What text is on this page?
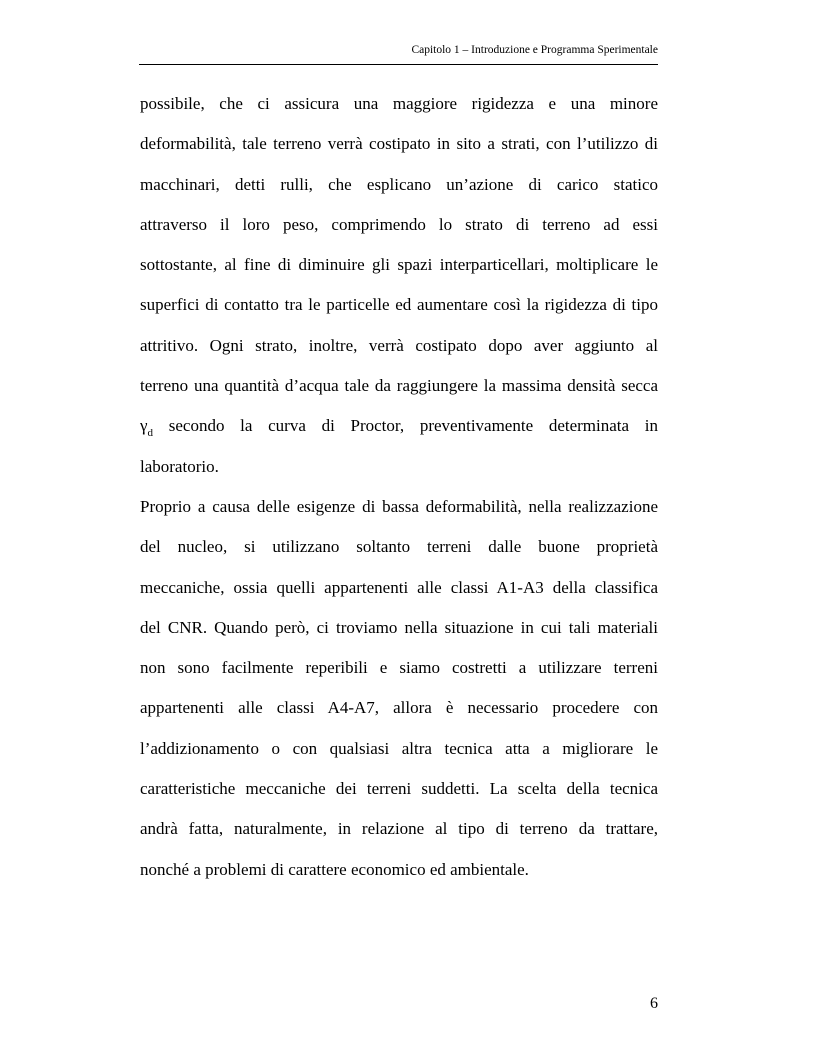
Capitolo 1 – Introduzione e Programma Sperimentale
possibile, che ci assicura una maggiore rigidezza e una minore
deformabilità, tale terreno verrà costipato in sito a strati, con l’utilizzo di
macchinari, detti rulli, che esplicano un’azione di carico statico
attraverso il loro peso, comprimendo lo strato di terreno ad essi
sottostante, al fine di diminuire gli spazi interparticellari, moltiplicare le
superfici di contatto tra le particelle ed aumentare così la rigidezza di tipo
attritivo. Ogni strato, inoltre, verrà costipato dopo aver aggiunto al
terreno una quantità d’acqua tale da raggiungere la massima densità secca
$\gamma_d$ secondo la curva di Proctor, preventivamente determinata in
laboratorio.
Proprio a causa delle esigenze di bassa deformabilità, nella realizzazione
del nucleo, si utilizzano soltanto terreni dalle buone proprietà
meccaniche, ossia quelli appartenenti alle classi A1-A3 della classifica
del CNR. Quando però, ci troviamo nella situazione in cui tali materiali
non sono facilmente reperibili e siamo costretti a utilizzare terreni
appartenenti alle classi A4-A7, allora è necessario procedere con
l’addizionamento o con qualsiasi altra tecnica atta a migliorare le
caratteristiche meccaniche dei terreni suddetti. La scelta della tecnica
andrà fatta, naturalmente, in relazione al tipo di terreno da trattare,
nonché a problemi di carattere economico ed ambientale.
6
